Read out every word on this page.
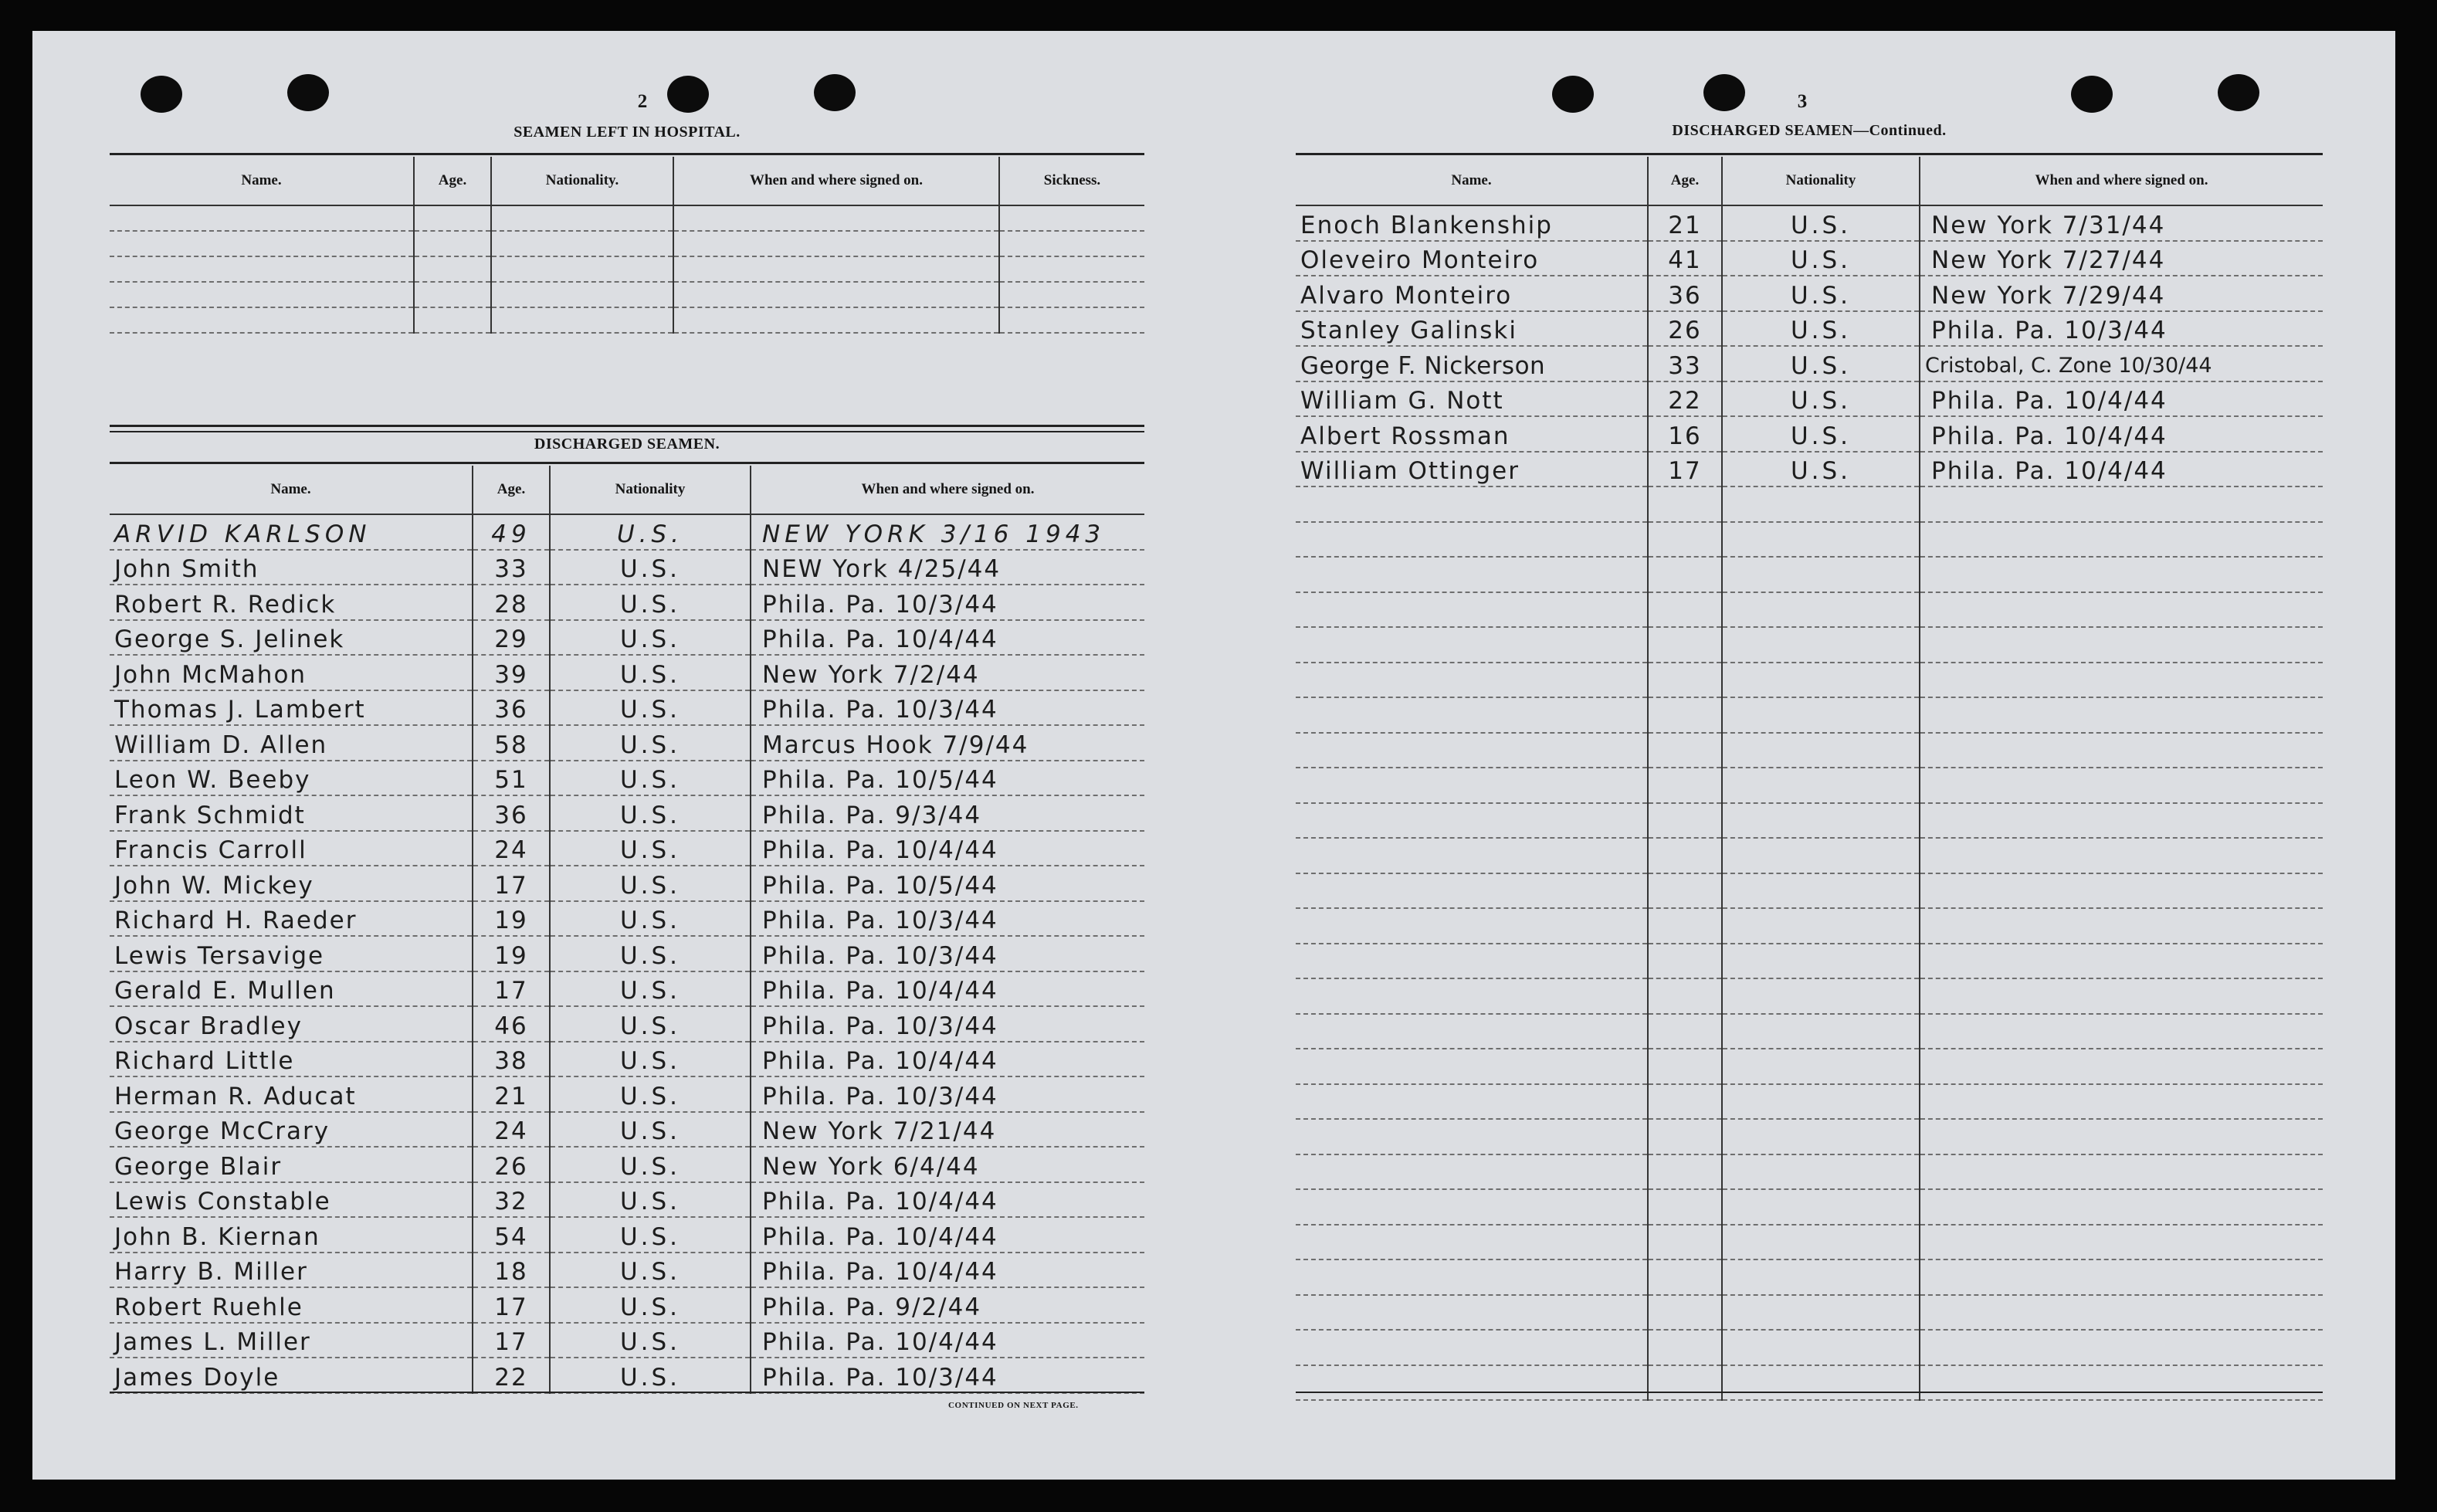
2
SEAMEN LEFT IN HOSPITAL.
Name.	Age.	Nationality.	When and where signed on.	Sickness.

DISCHARGED SEAMEN.
Name.	Age.	Nationality	When and where signed on.
ARVID KARLSON	49	U.S.	NEW YORK 3/16 1943
John Smith	33	U.S.	NEW York 4/25/44
Robert R. Redick	28	U.S.	Phila. Pa. 10/3/44
George S. Jelinek	29	U.S.	Phila. Pa. 10/4/44
John McMahon	39	U.S.	New York 7/2/44
Thomas J. Lambert	36	U.S.	Phila. Pa. 10/3/44
William D. Allen	58	U.S.	Marcus Hook 7/9/44
Leon W. Beeby	51	U.S.	Phila. Pa. 10/5/44
Frank Schmidt	36	U.S.	Phila. Pa. 9/3/44
Francis Carroll	24	U.S.	Phila. Pa. 10/4/44
John W. Mickey	17	U.S.	Phila. Pa. 10/5/44
Richard H. Raeder	19	U.S.	Phila. Pa. 10/3/44
Lewis Tersavige	19	U.S.	Phila. Pa. 10/3/44
Gerald E. Mullen	17	U.S.	Phila. Pa. 10/4/44
Oscar Bradley	46	U.S.	Phila. Pa. 10/3/44
Richard Little	38	U.S.	Phila. Pa. 10/4/44
Herman R. Aducat	21	U.S.	Phila. Pa. 10/3/44
George McCrary	24	U.S.	New York 7/21/44
George Blair	26	U.S.	New York 6/4/44
Lewis Constable	32	U.S.	Phila. Pa. 10/4/44
John B. Kiernan	54	U.S.	Phila. Pa. 10/4/44
Harry B. Miller	18	U.S.	Phila. Pa. 10/4/44
Robert Ruehle	17	U.S.	Phila. Pa. 9/2/44
James L. Miller	17	U.S.	Phila. Pa. 10/4/44
James Doyle	22	U.S.	Phila. Pa. 10/3/44
CONTINUED ON NEXT PAGE.
3
DISCHARGED SEAMEN—Continued.
Name.	Age.	Nationality	When and where signed on.
Enoch Blankenship	21	U.S.	New York 7/31/44
Oleveiro Monteiro	41	U.S.	New York 7/27/44
Alvaro Monteiro	36	U.S.	New York 7/29/44
Stanley Galinski	26	U.S.	Phila. Pa. 10/3/44
George F. Nickerson	33	U.S.	Cristobal, C. Zone 10/30/44
William G. Nott	22	U.S.	Phila. Pa. 10/4/44
Albert Rossman	16	U.S.	Phila. Pa. 10/4/44
William Ottinger	17	U.S.	Phila. Pa. 10/4/44
